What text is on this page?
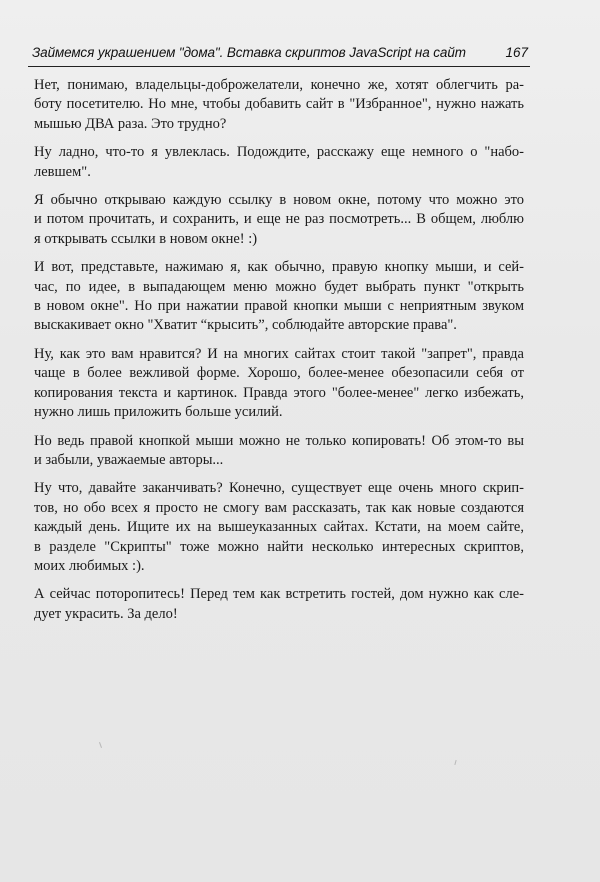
Займемся украшением "дома". Вставка скриптов JavaScript на сайт	167

Нет, понимаю, владельцы-доброжелатели, конечно же, хотят облегчить ра-
боту посетителю. Но мне, чтобы добавить сайт в "Избранное", нужно нажать
мышью ДВА раза. Это трудно?

Ну ладно, что-то я увлеклась. Подождите, расскажу еще немного о "набо-
левшем".

Я обычно открываю каждую ссылку в новом окне, потому что можно это
и потом прочитать, и сохранить, и еще не раз посмотреть... В общем, люблю
я открывать ссылки в новом окне! :)

И вот, представьте, нажимаю я, как обычно, правую кнопку мыши, и сей-
час, по идее, в выпадающем меню можно будет выбрать пункт "открыть
в новом окне". Но при нажатии правой кнопки мыши с неприятным звуком
выскакивает окно "Хватит “крысить”, соблюдайте авторские права".

Ну, как это вам нравится? И на многих сайтах стоит такой "запрет", правда
чаще в более вежливой форме. Хорошо, более-менее обезопасили себя от
копирования текста и картинок. Правда этого "более-менее" легко избежать,
нужно лишь приложить больше усилий.

Но ведь правой кнопкой мыши можно не только копировать! Об этом-то вы
и забыли, уважаемые авторы...

Ну что, давайте заканчивать? Конечно, существует еще очень много скрип-
тов, но обо всех я просто не смогу вам рассказать, так как новые создаются
каждый день. Ищите их на вышеуказанных сайтах. Кстати, на моем сайте,
в разделе "Скрипты" тоже можно найти несколько интересных скриптов,
моих любимых :).

А сейчас поторопитесь! Перед тем как встретить гостей, дом нужно как сле-
дует украсить. За дело!
